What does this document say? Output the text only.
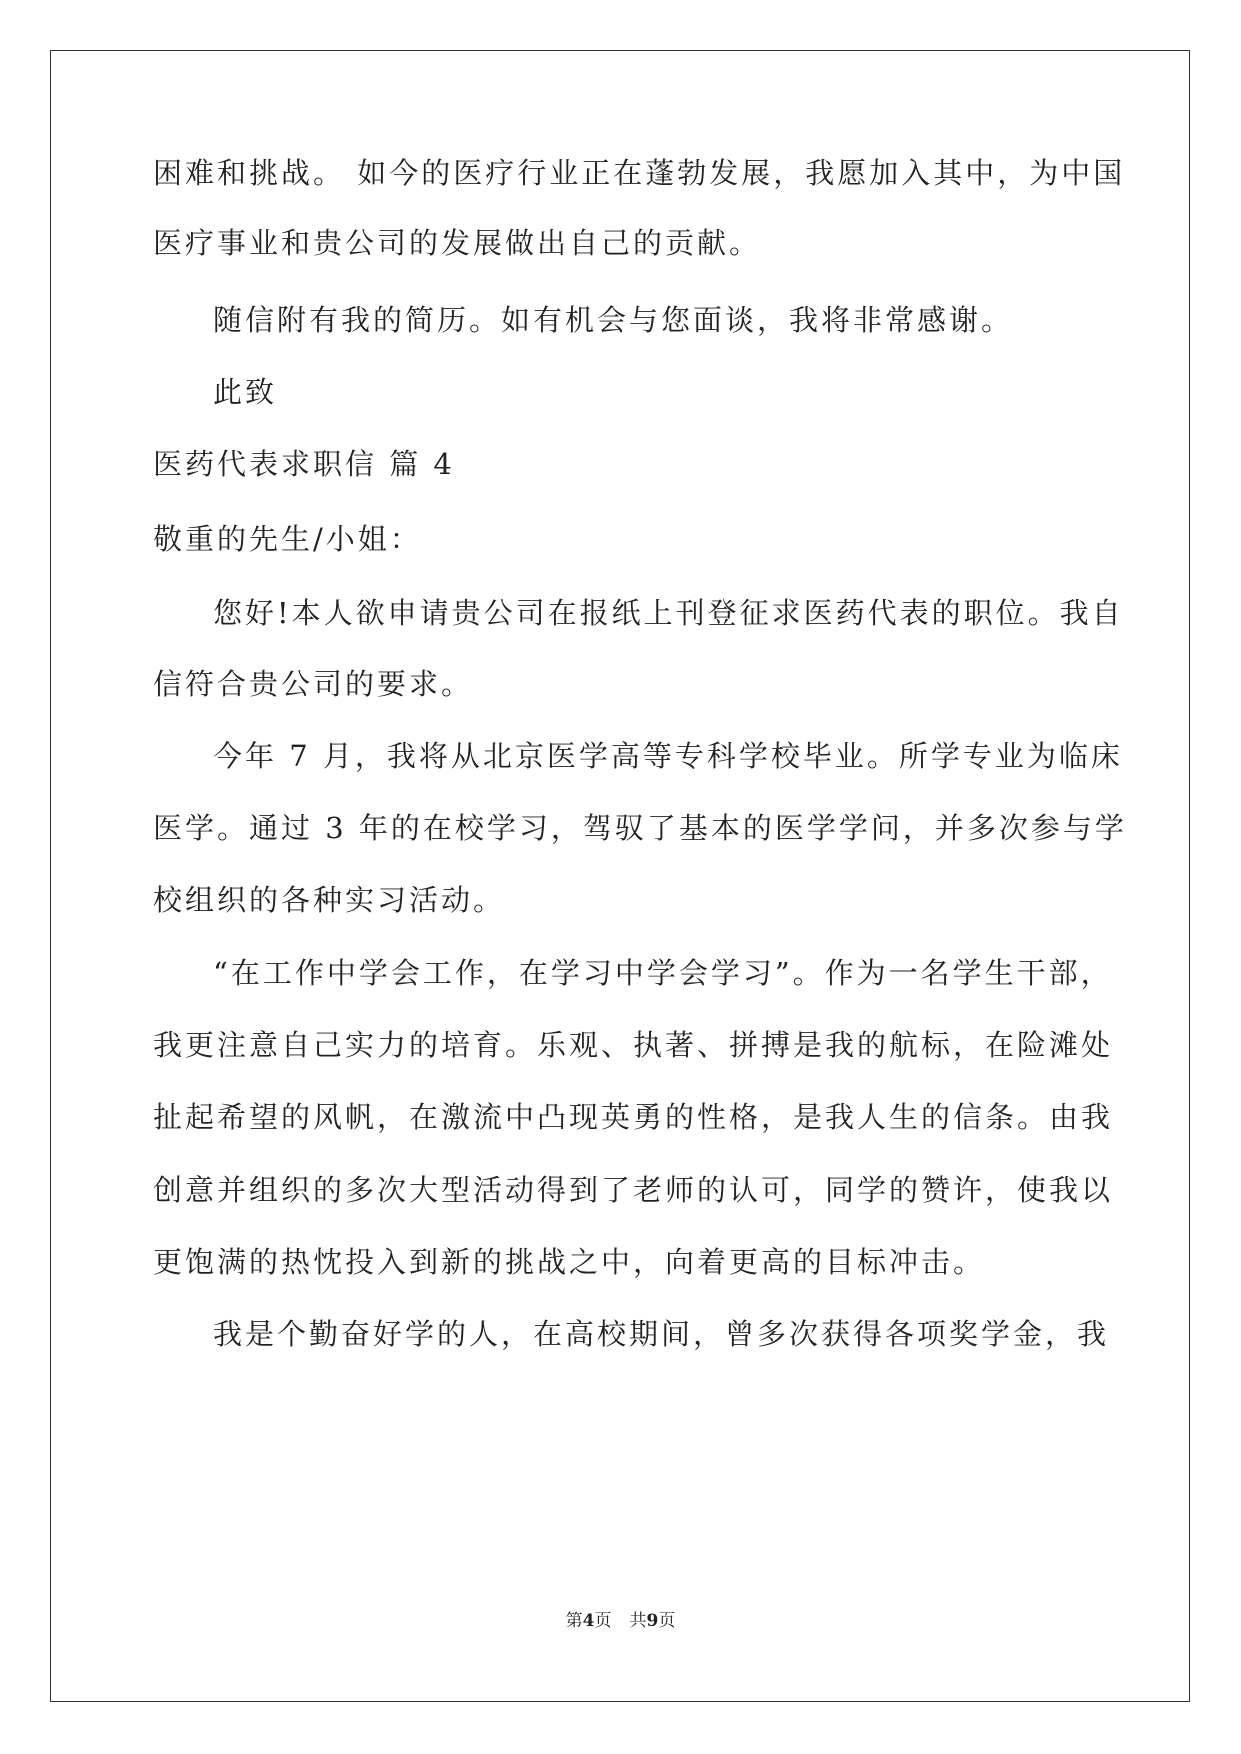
困难和挑战。 如今的医疗行业正在蓬勃发展，我愿加入其中，为中国
医疗事业和贵公司的发展做出自己的贡献。
随信附有我的简历。如有机会与您面谈，我将非常感谢。
此致
医药代表求职信 篇 4
敬重的先生/小姐：
您好!本人欲申请贵公司在报纸上刊登征求医药代表的职位。我自
信符合贵公司的要求。
今年 7 月，我将从北京医学高等专科学校毕业。所学专业为临床
医学。通过 3 年的在校学习，驾驭了基本的医学学问，并多次参与学
校组织的各种实习活动。
“在工作中学会工作，在学习中学会学习”。作为一名学生干部，
我更注意自己实力的培育。乐观、执著、拼搏是我的航标，在险滩处
扯起希望的风帆，在激流中凸现英勇的性格，是我人生的信条。由我
创意并组织的多次大型活动得到了老师的认可，同学的赞许，使我以
更饱满的热忱投入到新的挑战之中，向着更高的目标冲击。
我是个勤奋好学的人，在高校期间，曾多次获得各项奖学金，我
第4页 共9页
